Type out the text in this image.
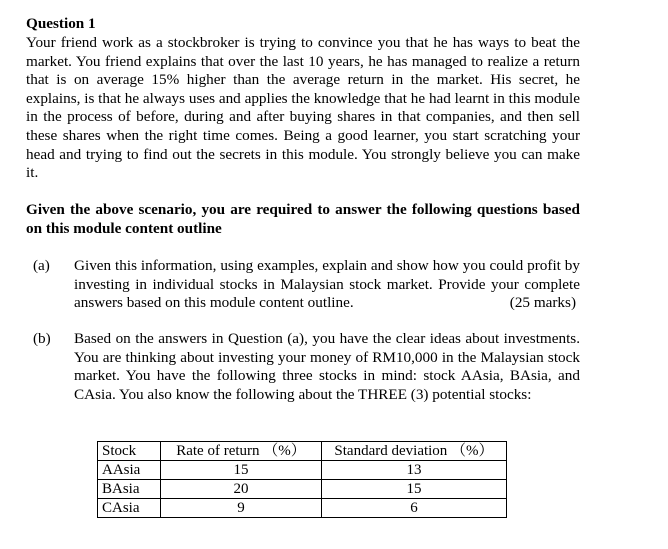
Question 1
Your friend work as a stockbroker is trying to convince you that he has ways to beat the market. You friend explains that over the last 10 years, he has managed to realize a return that is on average 15% higher than the average return in the market. His secret, he explains, is that he always uses and applies the knowledge that he had learnt in this module in the process of before, during and after buying shares in that companies, and then sell these shares when the right time comes. Being a good learner, you start scratching your head and trying to find out the secrets in this module. You strongly believe you can make it.
Given the above scenario, you are required to answer the following questions based on this module content outline
(a) Given this information, using examples, explain and show how you could profit by investing in individual stocks in Malaysian stock market. Provide your complete answers based on this module content outline.	(25 marks)
(b) Based on the answers in Question (a), you have the clear ideas about investments. You are thinking about investing your money of RM10,000 in the Malaysian stock market. You have the following three stocks in mind: stock AAsia, BAsia, and CAsia. You also know the following about the THREE (3) potential stocks:
Stock	Rate of return （%）	Standard deviation （%）
AAsia	15	13
BAsia	20	15
CAsia	9	6
